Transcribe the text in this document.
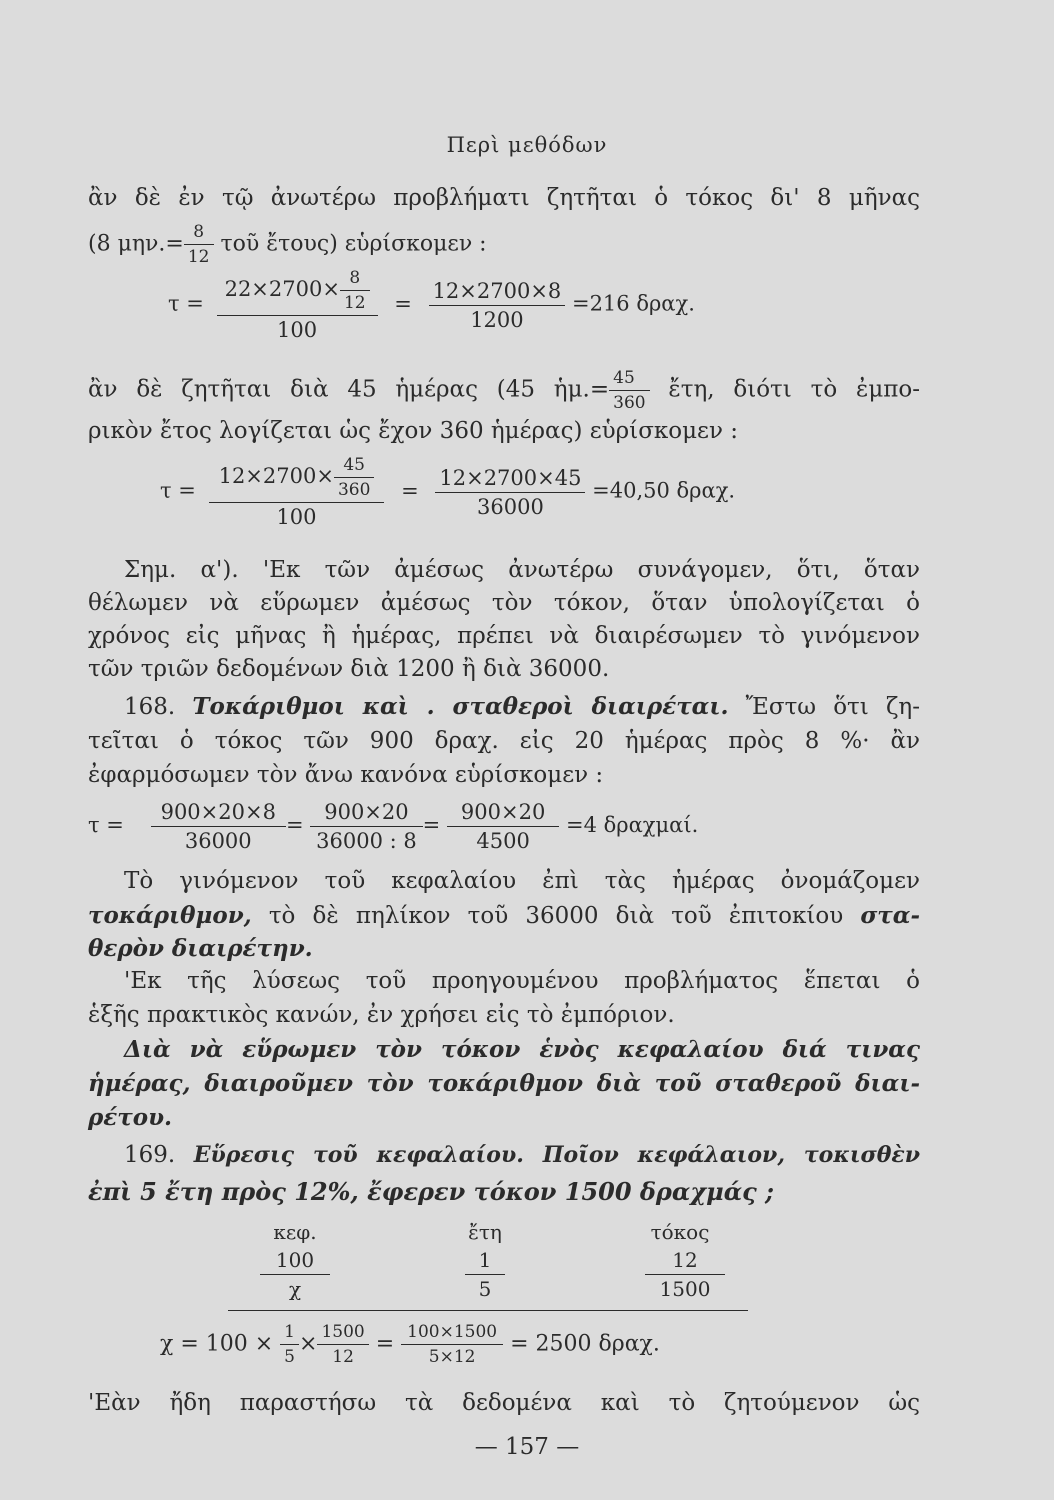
Περὶ μεθόδων
ἂν δὲ ἐν τῷ ἀνωτέρω προβλήματι ζητῆται ὁ τόκος δι' 8 μῆνας
(8 $\mu\eta\nu.= \frac{8}{12}$ τοῦ ἔτους) εὑρίσκομεν :
$\tau = \frac{22\times 2700\times \frac{8}{12}}{100} = \frac{12\times 2700\times 8}{1200} =216$ δραχ.
ἂν δὲ ζητῆται διὰ 45 ἡμέρας (45 ἡμ.= $\frac{45}{360}$ ἔτη, διότι τὸ ἐμπο-
ρικὸν ἔτος λογίζεται ὡς ἔχον 360 ἡμέρας) εὑρίσκομεν :
$\tau = \frac{12\times 2700\times \frac{45}{360}}{100} = \frac{12\times 2700\times 45}{36000} =40,50$ δραχ.
Σημ. α'). 'Εκ τῶν ἀμέσως ἀνωτέρω συνάγομεν, ὅτι, ὅταν
θέλωμεν νὰ εὕρωμεν ἀμέσως τὸν τόκον, ὅταν ὑπολογίζεται ὁ
χρόνος εἰς μῆνας ἢ ἡμέρας, πρέπει νὰ διαιρέσωμεν τὸ γινόμενον
τῶν τριῶν δεδομένων διὰ 1200 ἢ διὰ 36000.
168. Τοκάριθμοι καὶ . σταθεροὶ διαιρέται. Ἔστω ὅτι ζη-
τεῖται ὁ τόκος τῶν 900 δραχ. εἰς 20 ἡμέρας πρὸς 8 %· ἂν
ἐφαρμόσωμεν τὸν ἄνω κανόνα εὑρίσκομεν :
$\tau = \frac{900\times 20\times 8}{36000} = \frac{900\times 20}{36000 : 8} = \frac{900\times 20}{4500} =4$ δραχμαί.
Τὸ γινόμενον τοῦ κεφαλαίου ἐπὶ τὰς ἡμέρας ὀνομάζομεν
τοκάριθμον, τὸ δὲ πηλίκον τοῦ 36000 διὰ τοῦ ἐπιτοκίου στα-
θερὸν διαιρέτην.
'Εκ τῆς λύσεως τοῦ προηγουμένου προβλήματος ἕπεται ὁ
ἑξῆς πρακτικὸς κανών, ἐν χρήσει εἰς τὸ ἐμπόριον.
Διὰ νὰ εὕρωμεν τὸν τόκον ἑνὸς κεφαλαίου διά τινας
ἡμέρας, διαιροῦμεν τὸν τοκάριθμον διὰ τοῦ σταθεροῦ διαι-
ρέτου.
169. Εὕρεσις τοῦ κεφαλαίου. Ποῖον κεφάλαιον, τοκισθὲν
ἐπὶ 5 ἔτη πρὸς 12%, ἔφερεν τόκον 1500 δραχμάς ;
κεφ.	ἔτη	τόκος
$\frac{100}{\chi}$	$\frac{1}{5}$	$\frac{12}{1500}$
$\chi = 100 \times \frac{1}{5} \times \frac{1500}{12} = \frac{100\times 1500}{5\times 12} = 2500$ δραχ.
'Εὰν ἤδη παραστήσω τὰ δεδομένα καὶ τὸ ζητούμενον ὡς
— 157 —
